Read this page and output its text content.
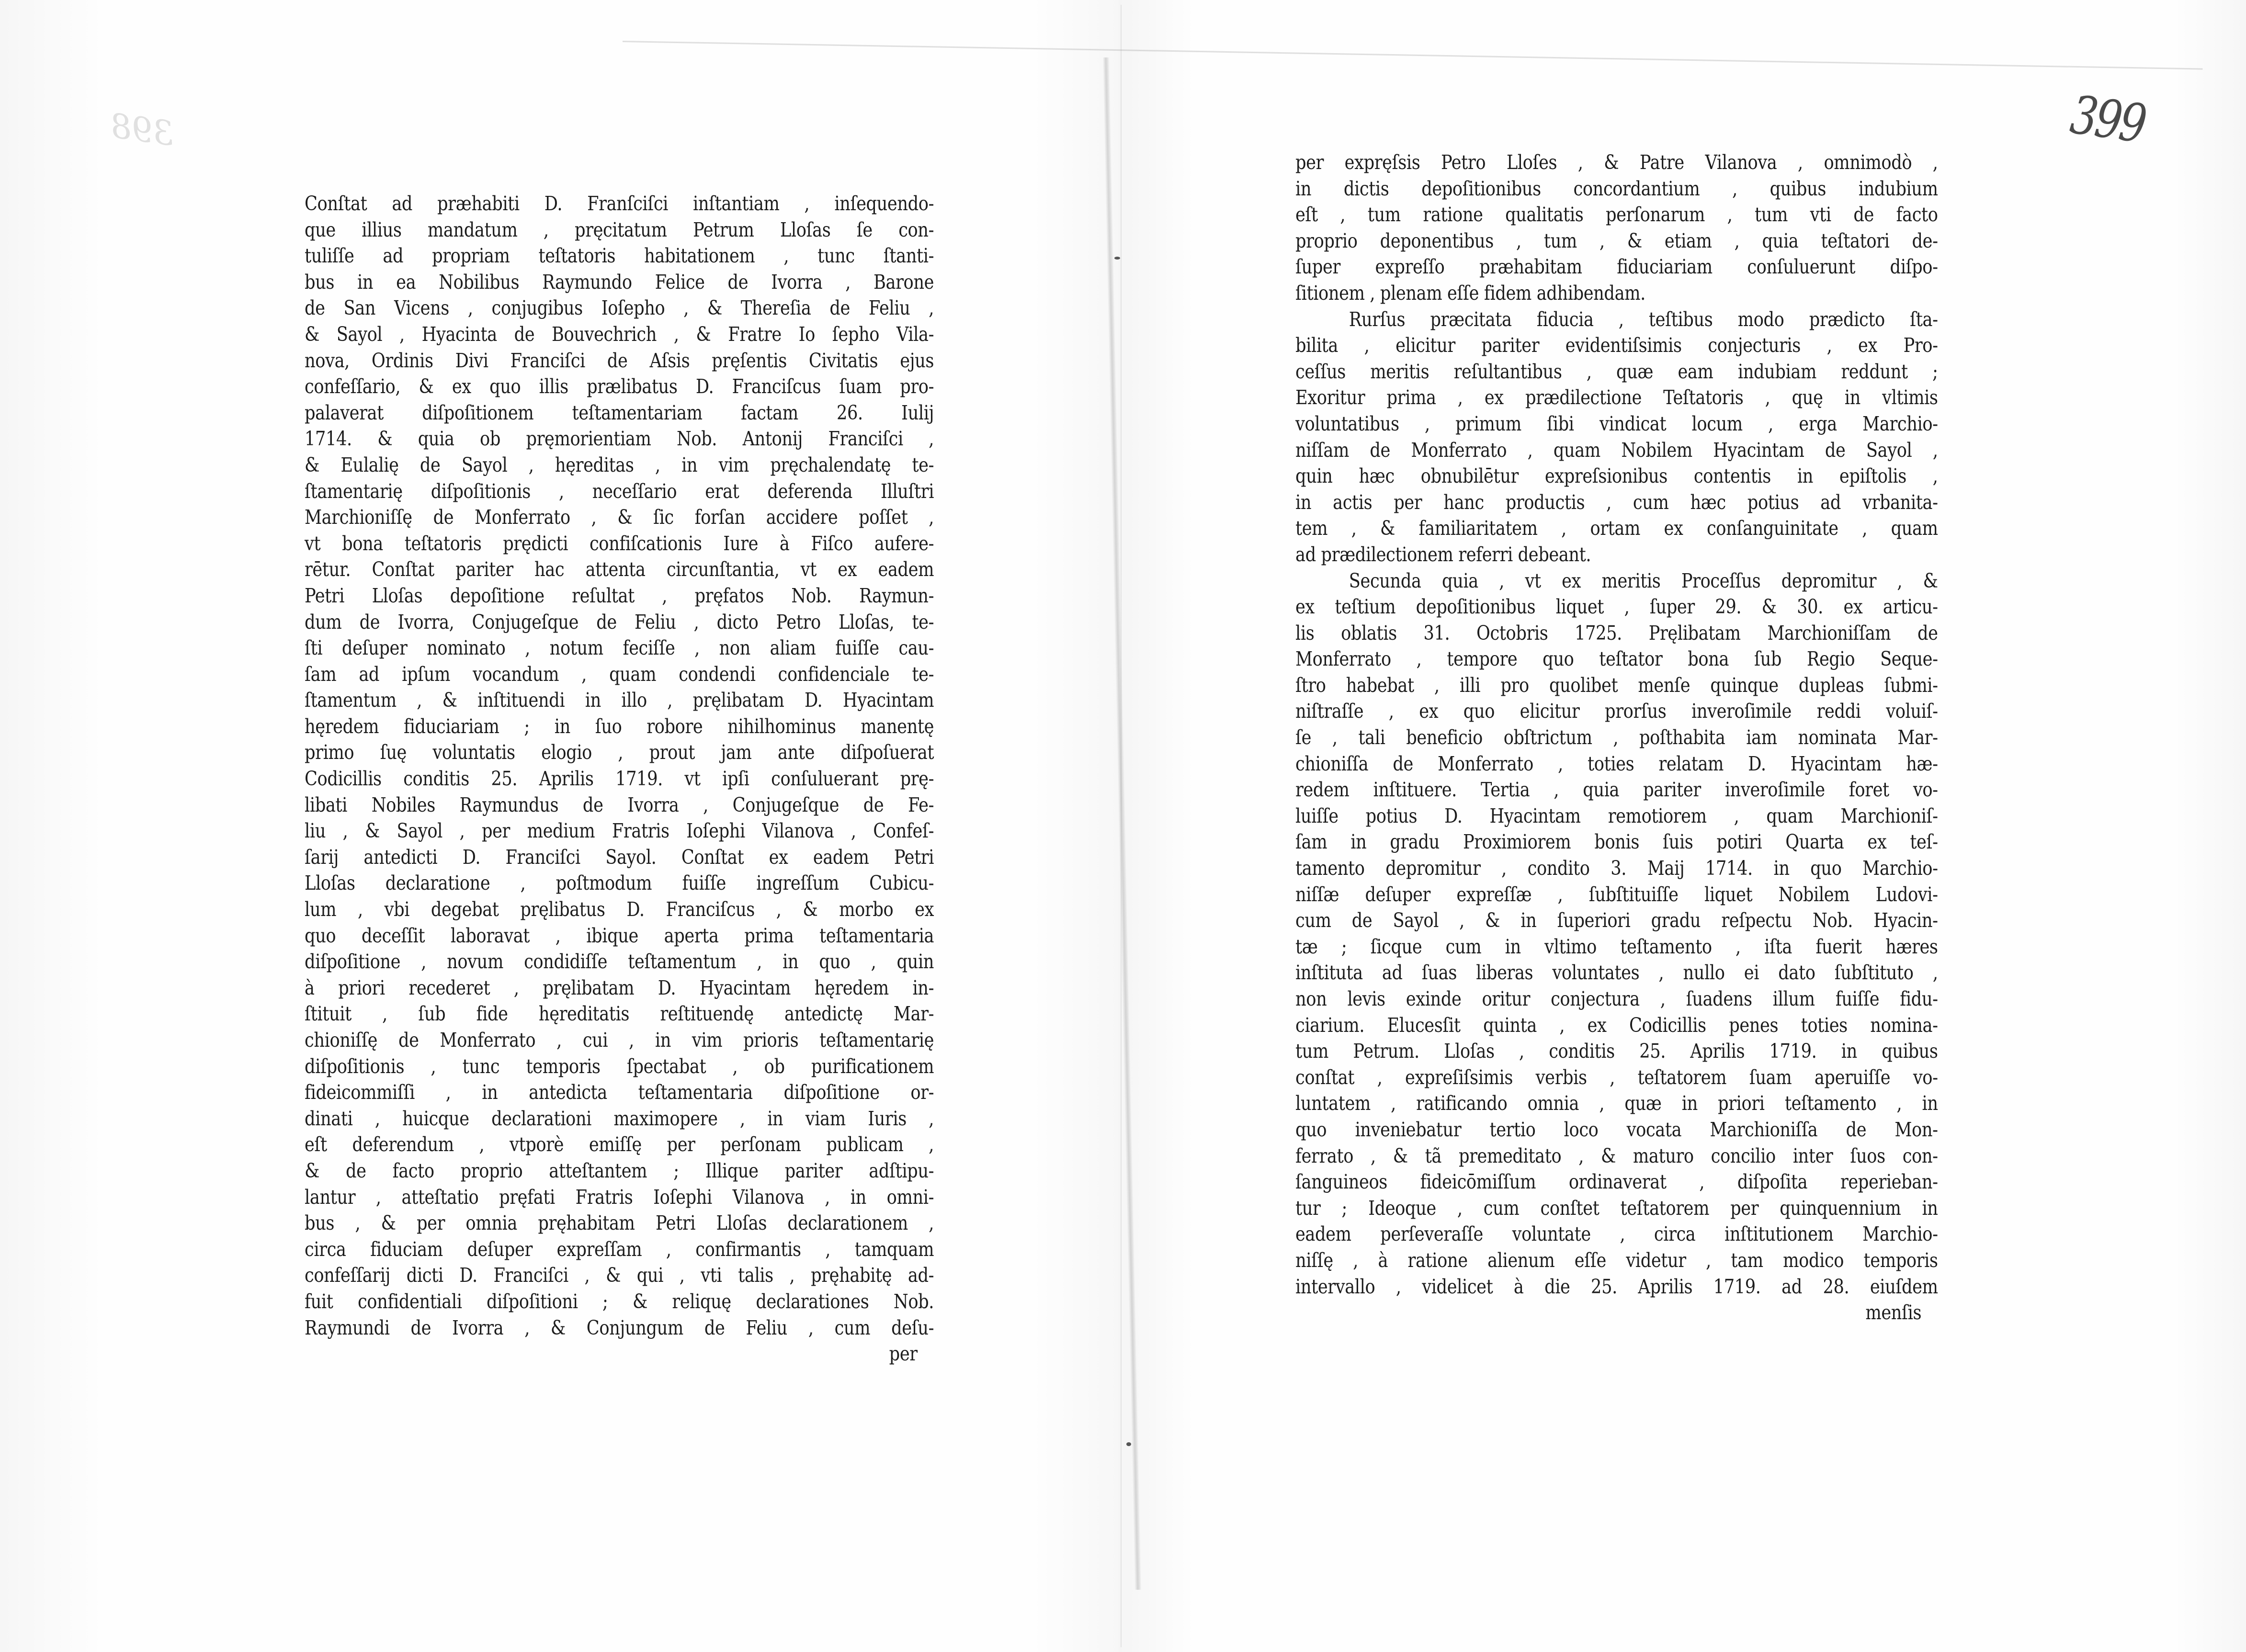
398	399
Conſtat ad præhabiti D. Franſciſci inſtantiam , inſequendo-
que illius mandatum , pręcitatum Petrum Lloſas ſe con-
tuliſſe ad propriam teſtatoris habitationem , tunc ſtanti-
bus in ea Nobilibus Raymundo Felice de Ivorra , Barone
de San Vicens , conjugibus Ioſepho , & Thereſia de Feliu ,
& Sayol , Hyacinta de Bouvechrich , & Fratre Io ſepho Vila-
nova, Ordinis Divi Franciſci de Aſsis pręſentis Civitatis ejus
confeſſario, & ex quo illis prælibatus D. Franciſcus ſuam pro-
palaverat diſpoſitionem teſtamentariam factam 26. Iulij
1714. & quia ob pręmorientiam Nob. Antonij Franciſci ,
& Eulalię de Sayol , hęreditas , in vim pręchalendatę te-
ſtamentarię diſpoſitionis , neceſſario erat deferenda Illuſtri
Marchioniſſę de Monferrato , & ſic forſan accidere poſſet ,
vt bona teſtatoris prędicti confiſcationis Iure à Fiſco aufere-
rētur. Conſtat pariter hac attenta circunſtantia, vt ex eadem
Petri Lloſas depoſitione reſultat , pręfatos Nob. Raymun-
dum de Ivorra, Conjugeſque de Feliu , dicto Petro Lloſas, te-
ſti deſuper nominato , notum feciſſe , non aliam fuiſſe cau-
ſam ad ipſum vocandum , quam condendi confidenciale te-
ſtamentum , & inſtituendi in illo , pręlibatam D. Hyacintam
hęredem fiduciariam ; in ſuo robore nihilhominus manentę
primo ſuę voluntatis elogio , prout jam ante diſpoſuerat
Codicillis conditis 25. Aprilis 1719. vt ipſi conſuluerant prę-
libati Nobiles Raymundus de Ivorra , Conjugeſque de Fe-
liu , & Sayol , per medium Fratris Ioſephi Vilanova , Confeſ-
ſarij antedicti D. Franciſci Sayol. Conſtat ex eadem Petri
Lloſas declaratione , poſtmodum fuiſſe ingreſſum Cubicu-
lum , vbi degebat pręlibatus D. Franciſcus , & morbo ex
quo deceſſit laboravat , ibique aperta prima teſtamentaria
diſpoſitione , novum condidiſſe teſtamentum , in quo , quin
à priori recederet , pręlibatam D. Hyacintam hęredem in-
ſtituit , ſub fide hęreditatis reſtituendę antedictę Mar-
chioniſſę de Monferrato , cui , in vim prioris teſtamentarię
diſpoſitionis , tunc temporis ſpectabat , ob purificationem
fideicommiſſi , in antedicta teſtamentaria diſpoſitione or-
dinati , huicque declarationi maximopere , in viam Iuris ,
eſt deferendum , vtporè emiſſę per perſonam publicam ,
& de facto proprio atteſtantem ; Illique pariter adſtipu-
lantur , atteſtatio pręfati Fratris Ioſephi Vilanova , in omni-
bus , & per omnia pręhabitam Petri Lloſas declarationem ,
circa fiduciam deſuper expreſſam , confirmantis , tamquam
confeſſarij dicti D. Franciſci , & qui , vti talis , pręhabitę ad-
fuit confidentiali diſpoſitioni ; & reliquę declarationes Nob.
Raymundi de Ivorra , & Conjungum de Feliu , cum deſu-
per
per expręſsis Petro Lloſes , & Patre Vilanova , omnimodò ,
in dictis depoſitionibus concordantium , quibus indubium
eſt , tum ratione qualitatis perſonarum , tum vti de facto
proprio deponentibus , tum , & etiam , quia teſtatori de-
ſuper expreſſo præhabitam fiduciariam conſuluerunt diſpo-
ſitionem , plenam eſſe fidem adhibendam.
Rurſus præcitata fiducia , teſtibus modo prædicto ſta-
bilita , elicitur pariter evidentiſsimis conjecturis , ex Pro-
ceſſus meritis reſultantibus , quæ eam indubiam reddunt ;
Exoritur prima , ex prædilectione Teſtatoris , quę in vltimis
voluntatibus , primum ſibi vindicat locum , erga Marchio-
niſſam de Monferrato , quam Nobilem Hyacintam de Sayol ,
quin hæc obnubilētur expreſsionibus contentis in epiſtolis ,
in actis per hanc productis , cum hæc potius ad vrbanita-
tem , & familiaritatem , ortam ex conſanguinitate , quam
ad prædilectionem referri debeant.
Secunda quia , vt ex meritis Proceſſus depromitur , &
ex teſtium depoſitionibus liquet , ſuper 29. & 30. ex articu-
lis oblatis 31. Octobris 1725. Pręlibatam Marchioniſſam de
Monferrato , tempore quo teſtator bona ſub Regio Seque-
ſtro habebat , illi pro quolibet menſe quinque dupleas ſubmi-
niſtraſſe , ex quo elicitur prorſus inveroſimile reddi voluiſ-
ſe , tali beneficio obſtrictum , poſthabita iam nominata Mar-
chioniſſa de Monferrato , toties relatam D. Hyacintam hæ-
redem inſtituere. Tertia , quia pariter inveroſimile foret vo-
luiſſe potius D. Hyacintam remotiorem , quam Marchioniſ-
ſam in gradu Proximiorem bonis ſuis potiri Quarta ex teſ-
tamento depromitur , condito 3. Maij 1714. in quo Marchio-
niſſæ deſuper expreſſæ , ſubſtituiſſe liquet Nobilem Ludovi-
cum de Sayol , & in ſuperiori gradu reſpectu Nob. Hyacin-
tæ ; ſicque cum in vltimo teſtamento , iſta fuerit hæres
inſtituta ad ſuas liberas voluntates , nullo ei dato ſubſtituto ,
non levis exinde oritur conjectura , ſuadens illum fuiſſe fidu-
ciarium. Elucesſit quinta , ex Codicillis penes toties nomina-
tum Petrum. Lloſas , conditis 25. Aprilis 1719. in quibus
conſtat , expreſiſsimis verbis , teſtatorem ſuam aperuiſſe vo-
luntatem , ratificando omnia , quæ in priori teſtamento , in
quo inveniebatur tertio loco vocata Marchioniſſa de Mon-
ferrato , & tã premeditato , & maturo concilio inter ſuos con-
ſanguineos fideicōmiſſum ordinaverat , diſpoſita reperieban-
tur ; Ideoque , cum conſtet teſtatorem per quinquennium in
eadem perſeveraſſe voluntate , circa inſtitutionem Marchio-
niſſę , à ratione alienum eſſe videtur , tam modico temporis
intervallo , videlicet à die 25. Aprilis 1719. ad 28. eiuſdem
menſis
